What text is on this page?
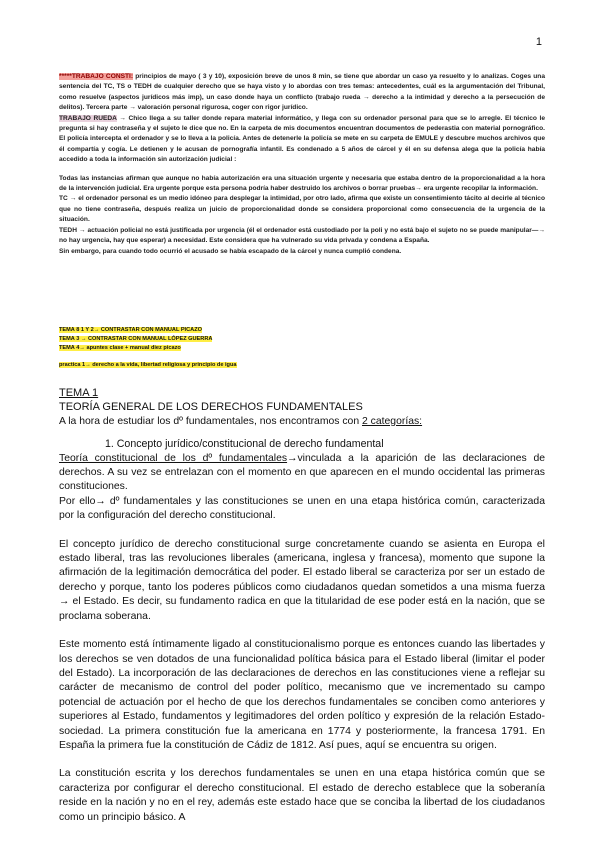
1

*****TRABAJO CONSTI: principios de mayo ( 3 y 10), exposición breve de unos 8 min, se tiene que abordar un caso ya resuelto y lo analizas. Coges una sentencia del TC, TS o TEDH de cualquier derecho que se haya visto y lo abordas con tres temas: antecedentes, cuál es la argumentación del Tribunal, como resuelve (aspectos jurídicos más imp), un caso donde haya un conflicto (trabajo rueda → derecho a la intimidad y derecho a la persecución de delitos). Tercera parte → valoración personal rigurosa, coger con rigor jurídico.

TRABAJO RUEDA → Chico llega a su taller donde repara material informático, y llega con su ordenador personal para que se lo arregle. El técnico le pregunta si hay contraseña y el sujeto le dice que no. En la carpeta de mis documentos encuentran documentos de pederastia con material pornográfico. El policía intercepta el ordenador y se lo lleva a la policía. Antes de detenerle la policía se mete en su carpeta de EMULE y descubre muchos archivos que él compartía y cogía. Le detienen y le acusan de pornografía infantil. Es condenado a 5 años de cárcel y él en su defensa alega que la policía había accedido a toda la información sin autorización judicial :

Todas las instancias afirman que aunque no había autorización era una situación urgente y necesaria que estaba dentro de la proporcionalidad a la hora de la intervención judicial. Era urgente porque esta persona podría haber destruido los archivos o borrar pruebas→ era urgente recopilar la información.

TC → el ordenador personal es un medio idóneo para desplegar la intimidad, por otro lado, afirma que existe un consentimiento tácito al decirle al técnico que no tiene contraseña, después realiza un juicio de proporcionalidad donde se considera proporcional como consecuencia de la urgencia de la situación.

TEDH → actuación policial no está justificada por urgencia (él el ordenador está custodiado por la poli y no está bajo el sujeto no se puede manipular—→ no hay urgencia, hay que esperar) a necesidad. Este considera que ha vulnerado su vida privada y condena a España.

Sin embargo, para cuando todo ocurrió el acusado se había escapado de la cárcel y nunca cumplió condena.

TEMA 8 1 Y 2→ CONTRASTAR CON MANUAL PICAZO
TEMA 3 → CONTRASTAR CON MANUAL LÓPEZ GUERRA
TEMA 4→ apuntes clase + manual diez picazo
practica 1→ derecho a la vida, libertad religiosa y principio de igua

TEMA 1

TEORÍA GENERAL DE LOS DERECHOS FUNDAMENTALES

A la hora de estudiar los dº fundamentales, nos encontramos con 2 categorías:

1. Concepto jurídico/constitucional de derecho fundamental

Teoría constitucional de los dº fundamentales→vinculada a la aparición de las declaraciones de derechos. A su vez se entrelazan con el momento en que aparecen en el mundo occidental las primeras constituciones.

Por ello→ dº fundamentales y las constituciones se unen en una etapa histórica común, caracterizada por la configuración del derecho constitucional.

El concepto jurídico de derecho constitucional surge concretamente cuando se asienta en Europa el estado liberal, tras las revoluciones liberales (americana, inglesa y francesa), momento que supone la afirmación de la legitimación democrática del poder. El estado liberal se caracteriza por ser un estado de derecho y porque, tanto los poderes públicos como ciudadanos quedan sometidos a una misma fuerza → el Estado. Es decir, su fundamento radica en que la titularidad de ese poder está en la nación, que se proclama soberana.

Este momento está íntimamente ligado al constitucionalismo porque es entonces cuando las libertades y los derechos se ven dotados de una funcionalidad política básica para el Estado liberal (limitar el poder del Estado). La incorporación de las declaraciones de derechos en las constituciones viene a reflejar su carácter de mecanismo de control del poder político, mecanismo que ve incrementado su campo potencial de actuación por el hecho de que los derechos fundamentales se conciben como anteriores y superiores al Estado, fundamentos y legitimadores del orden político y expresión de la relación Estado- sociedad. La primera constitución fue la americana en 1774 y posteriormente, la francesa 1791. En España la primera fue la constitución de Cádiz de 1812. Así pues, aquí se encuentra su origen.

La constitución escrita y los derechos fundamentales se unen en una etapa histórica común que se caracteriza por configurar el derecho constitucional. El estado de derecho establece que la soberanía reside en la nación y no en el rey, además este estado hace que se conciba la libertad de los ciudadanos como un principio básico. A
